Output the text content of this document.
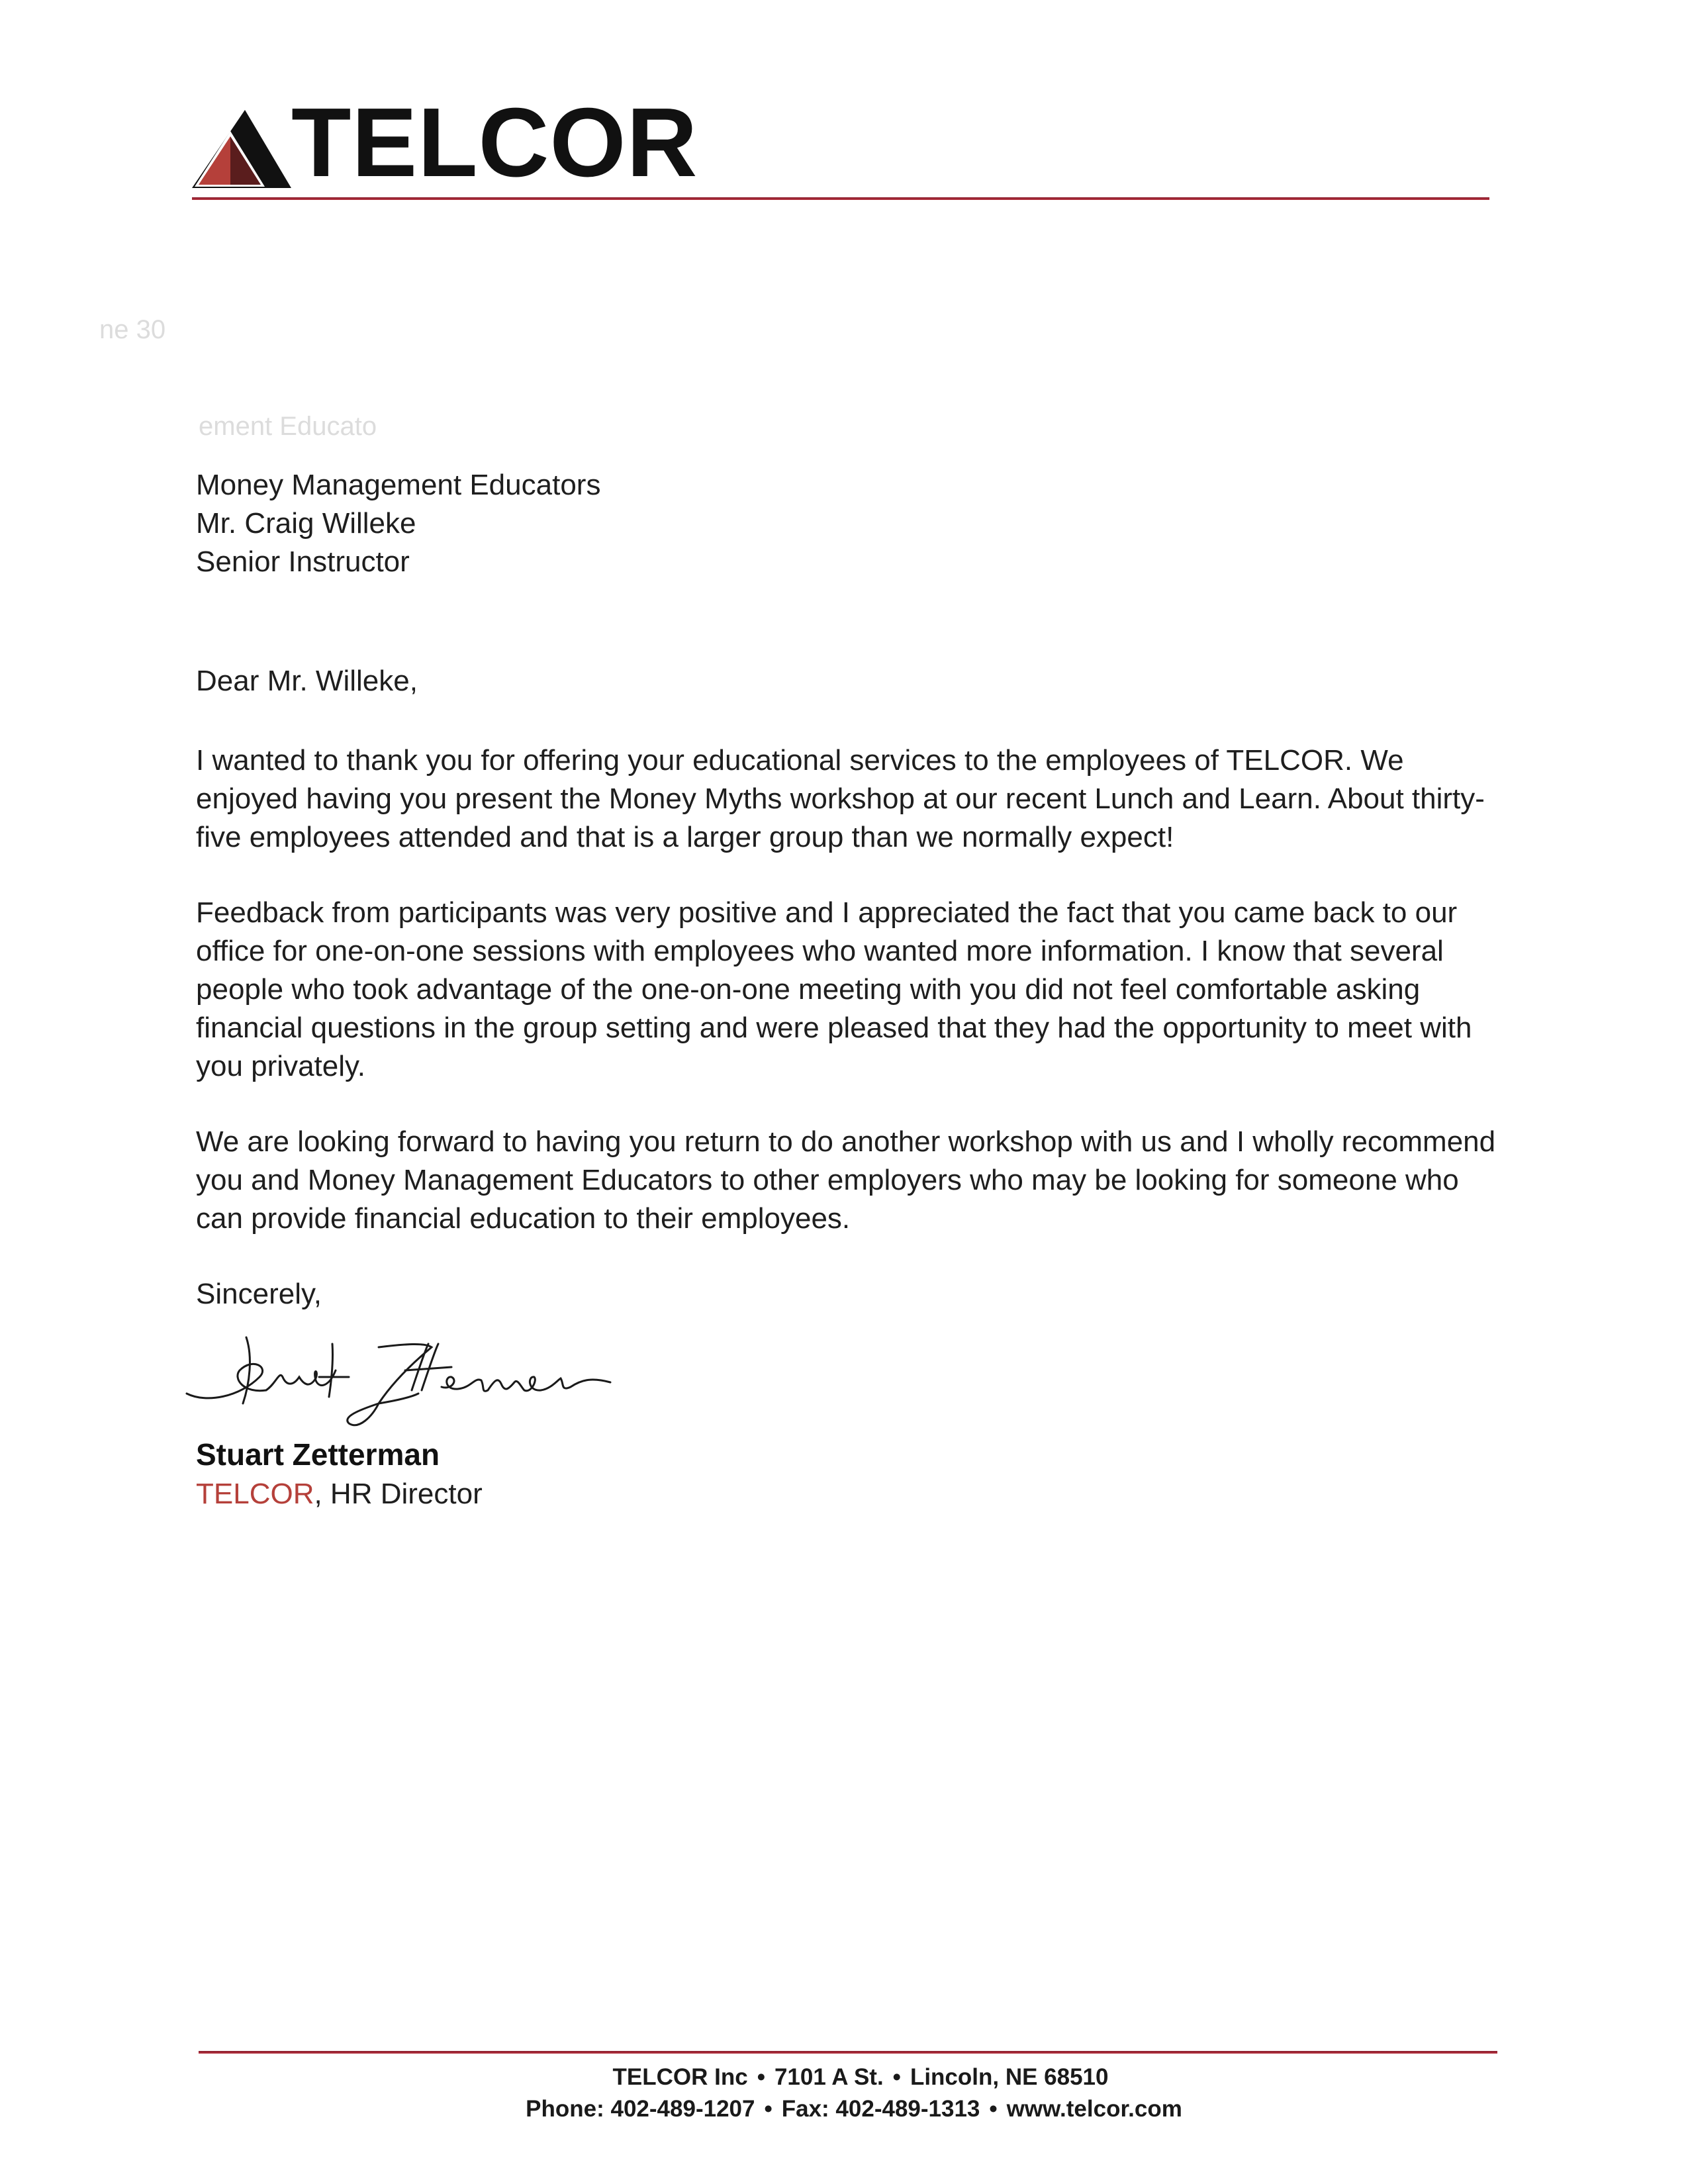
TELCOR
ne 30
ement Educato
Money Management Educators
Mr. Craig Willeke
Senior Instructor
Dear Mr. Willeke,
I wanted to thank you for offering your educational services to the employees of TELCOR. We enjoyed having you present the Money Myths workshop at our recent Lunch and Learn. About thirty-five employees attended and that is a larger group than we normally expect!
Feedback from participants was very positive and I appreciated the fact that you came back to our office for one-on-one sessions with employees who wanted more information. I know that several people who took advantage of the one-on-one meeting with you did not feel comfortable asking financial questions in the group setting and were pleased that they had the opportunity to meet with you privately.
We are looking forward to having you return to do another workshop with us and I wholly recommend you and Money Management Educators to other employers who may be looking for someone who can provide financial education to their employees.
Sincerely,
Stuart Zetterman
TELCOR, HR Director
TELCOR Inc • 7101 A St. • Lincoln, NE 68510
Phone: 402-489-1207 • Fax: 402-489-1313 • www.telcor.com
